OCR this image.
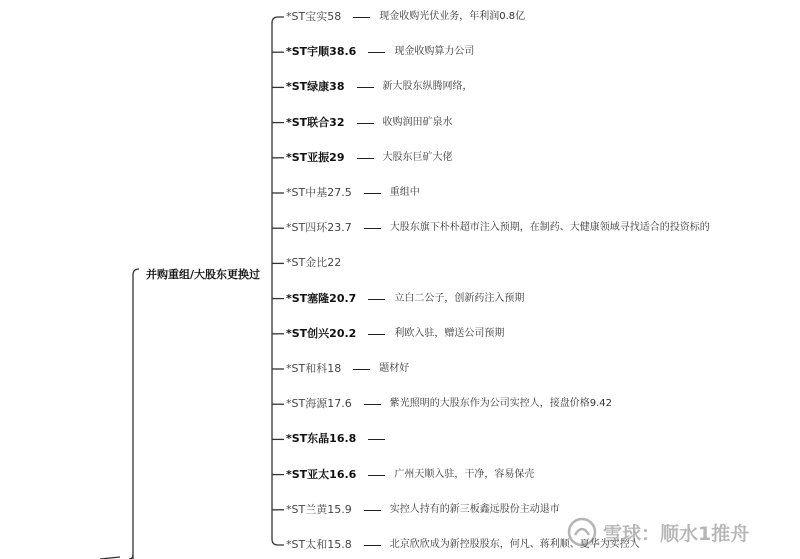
并购重组/大股东更换过
*ST宝实58	现金收购光伏业务，年利润0.8亿
*ST宇顺38.6	现金收购算力公司
*ST绿康38	新大股东纵腾网络，
*ST联合32	收购润田矿泉水
*ST亚振29	大股东巨矿大佬
*ST中基27.5	重组中
*ST四环23.7	大股东旗下朴朴超市注入预期，在制药、大健康领域寻找适合的投资标的
*ST金比22
*ST塞隆20.7	立白二公子，创新药注入预期
*ST创兴20.2	利欧入驻，赠送公司预期
*ST和科18	题材好
*ST海源17.6	紫光照明的大股东作为公司实控人，接盘价格9.42
*ST东晶16.8
*ST亚太16.6	广州天顺入驻，干净，容易保壳
*ST兰黄15.9	实控人持有的新三板鑫远股份主动退市
*ST太和15.8	北京欣欣成为新控股股东，何凡、蒋利顺、夏华为实控人
雪球：顺水1推舟
